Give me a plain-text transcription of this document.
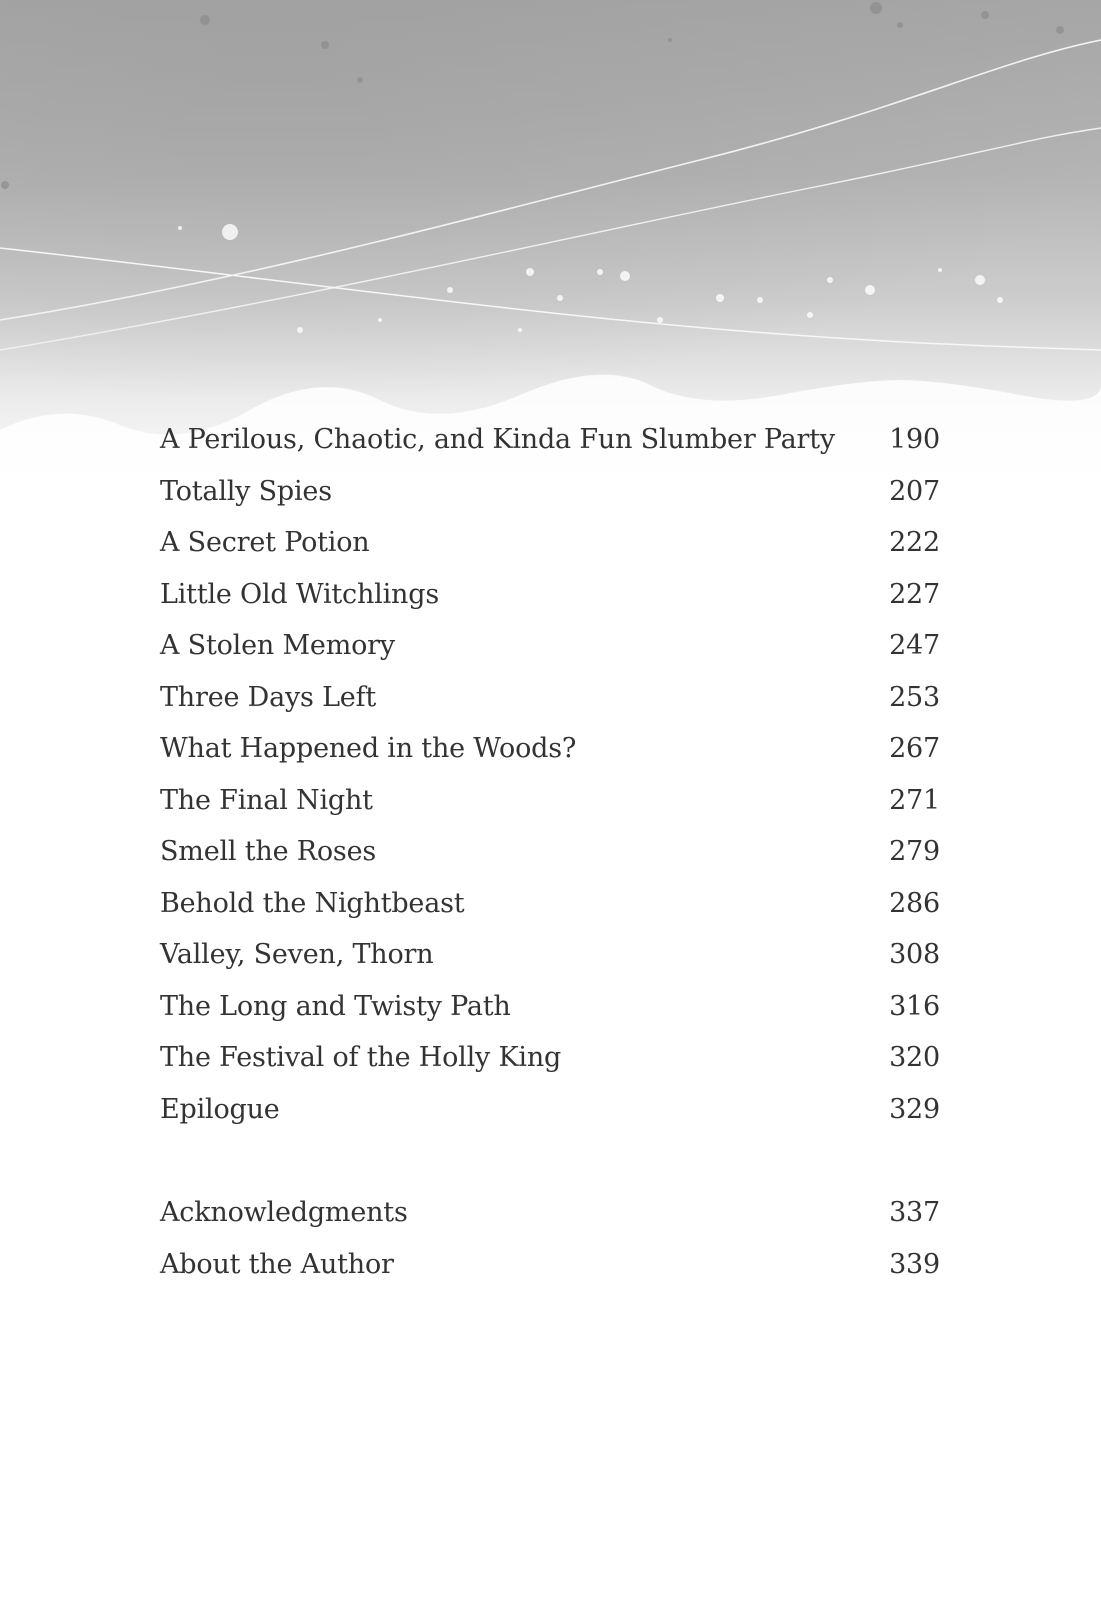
A Perilous, Chaotic, and Kinda Fun Slumber Party	190
Totally Spies	207
A Secret Potion	222
Little Old Witchlings	227
A Stolen Memory	247
Three Days Left	253
What Happened in the Woods?	267
The Final Night	271
Smell the Roses	279
Behold the Nightbeast	286
Valley, Seven, Thorn	308
The Long and Twisty Path	316
The Festival of the Holly King	320
Epilogue	329
Acknowledgments	337
About the Author	339
